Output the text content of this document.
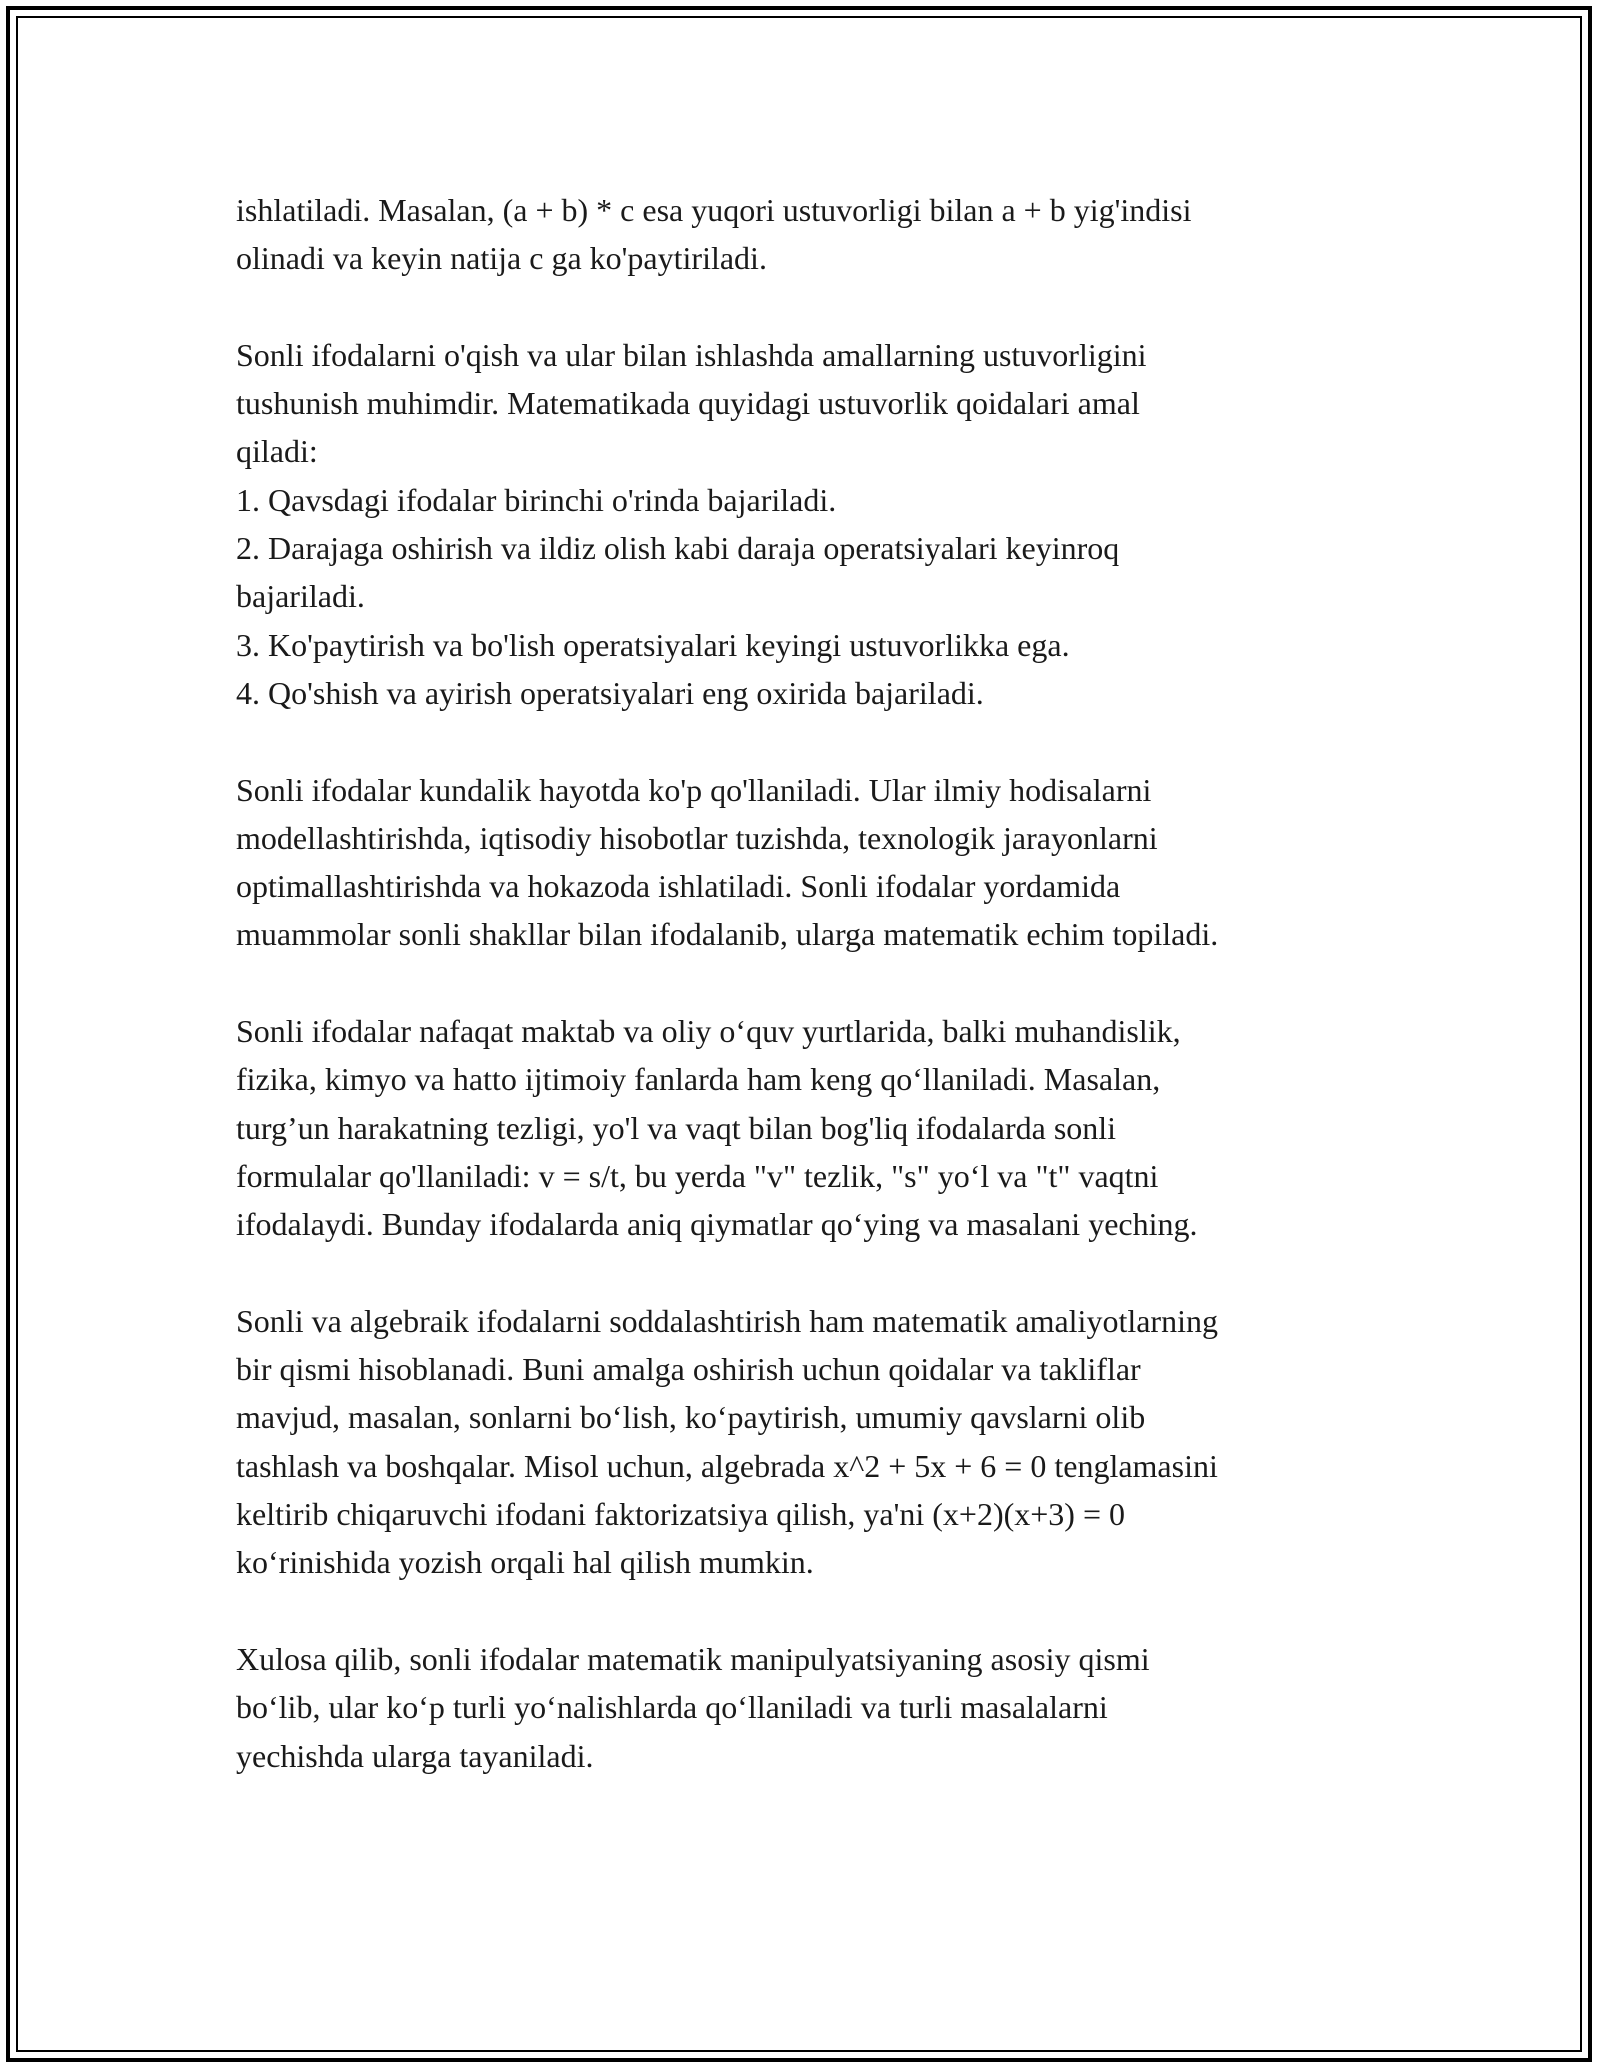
ishlatiladi. Masalan, (a + b) * c esa yuqori ustuvorligi bilan a + b yig'indisi
olinadi va keyin natija c ga ko'paytiriladi.

Sonli ifodalarni o'qish va ular bilan ishlashda amallarning ustuvorligini
tushunish muhimdir. Matematikada quyidagi ustuvorlik qoidalari amal
qiladi:
1. Qavsdagi ifodalar birinchi o'rinda bajariladi.
2. Darajaga oshirish va ildiz olish kabi daraja operatsiyalari keyinroq
bajariladi.
3. Ko'paytirish va bo'lish operatsiyalari keyingi ustuvorlikka ega.
4. Qo'shish va ayirish operatsiyalari eng oxirida bajariladi.

Sonli ifodalar kundalik hayotda ko'p qo'llaniladi. Ular ilmiy hodisalarni
modellashtirishda, iqtisodiy hisobotlar tuzishda, texnologik jarayonlarni
optimallashtirishda va hokazoda ishlatiladi. Sonli ifodalar yordamida
muammolar sonli shakllar bilan ifodalanib, ularga matematik echim topiladi.

Sonli ifodalar nafaqat maktab va oliy o‘quv yurtlarida, balki muhandislik,
fizika, kimyo va hatto ijtimoiy fanlarda ham keng qo‘llaniladi. Masalan,
turg’un harakatning tezligi, yo'l va vaqt bilan bog'liq ifodalarda sonli
formulalar qo'llaniladi: v = s/t, bu yerda "v" tezlik, "s" yo‘l va "t" vaqtni
ifodalaydi. Bunday ifodalarda aniq qiymatlar qo‘ying va masalani yeching.

Sonli va algebraik ifodalarni soddalashtirish ham matematik amaliyotlarning
bir qismi hisoblanadi. Buni amalga oshirish uchun qoidalar va takliflar
mavjud, masalan, sonlarni bo‘lish, ko‘paytirish, umumiy qavslarni olib
tashlash va boshqalar. Misol uchun, algebrada x^2 + 5x + 6 = 0 tenglamasini
keltirib chiqaruvchi ifodani faktorizatsiya qilish, ya'ni (x+2)(x+3) = 0
ko‘rinishida yozish orqali hal qilish mumkin.

Xulosa qilib, sonli ifodalar matematik manipulyatsiyaning asosiy qismi
bo‘lib, ular ko‘p turli yo‘nalishlarda qo‘llaniladi va turli masalalarni
yechishda ularga tayaniladi.
